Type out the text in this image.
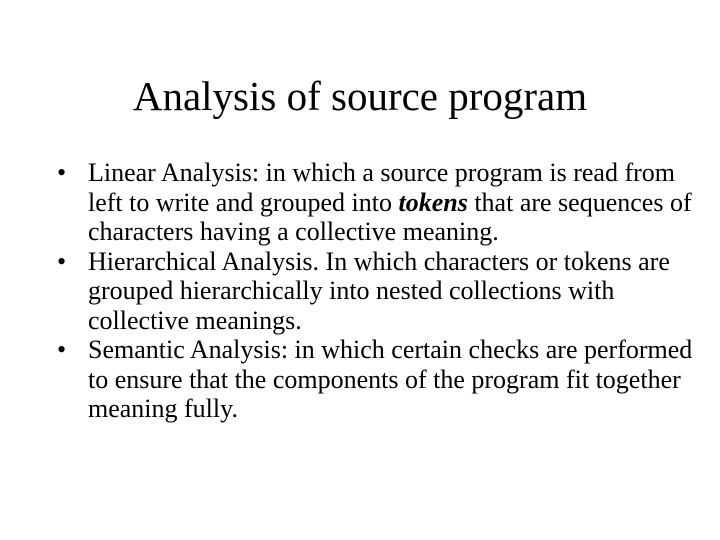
Analysis of source program
• Linear Analysis: in which a source program is read from left to write and grouped into tokens that are sequences of characters having a collective meaning.
• Hierarchical Analysis. In which characters or tokens are grouped hierarchically into nested collections with collective meanings.
• Semantic Analysis: in which certain checks are performed to ensure that the components of the program fit together meaning fully.
